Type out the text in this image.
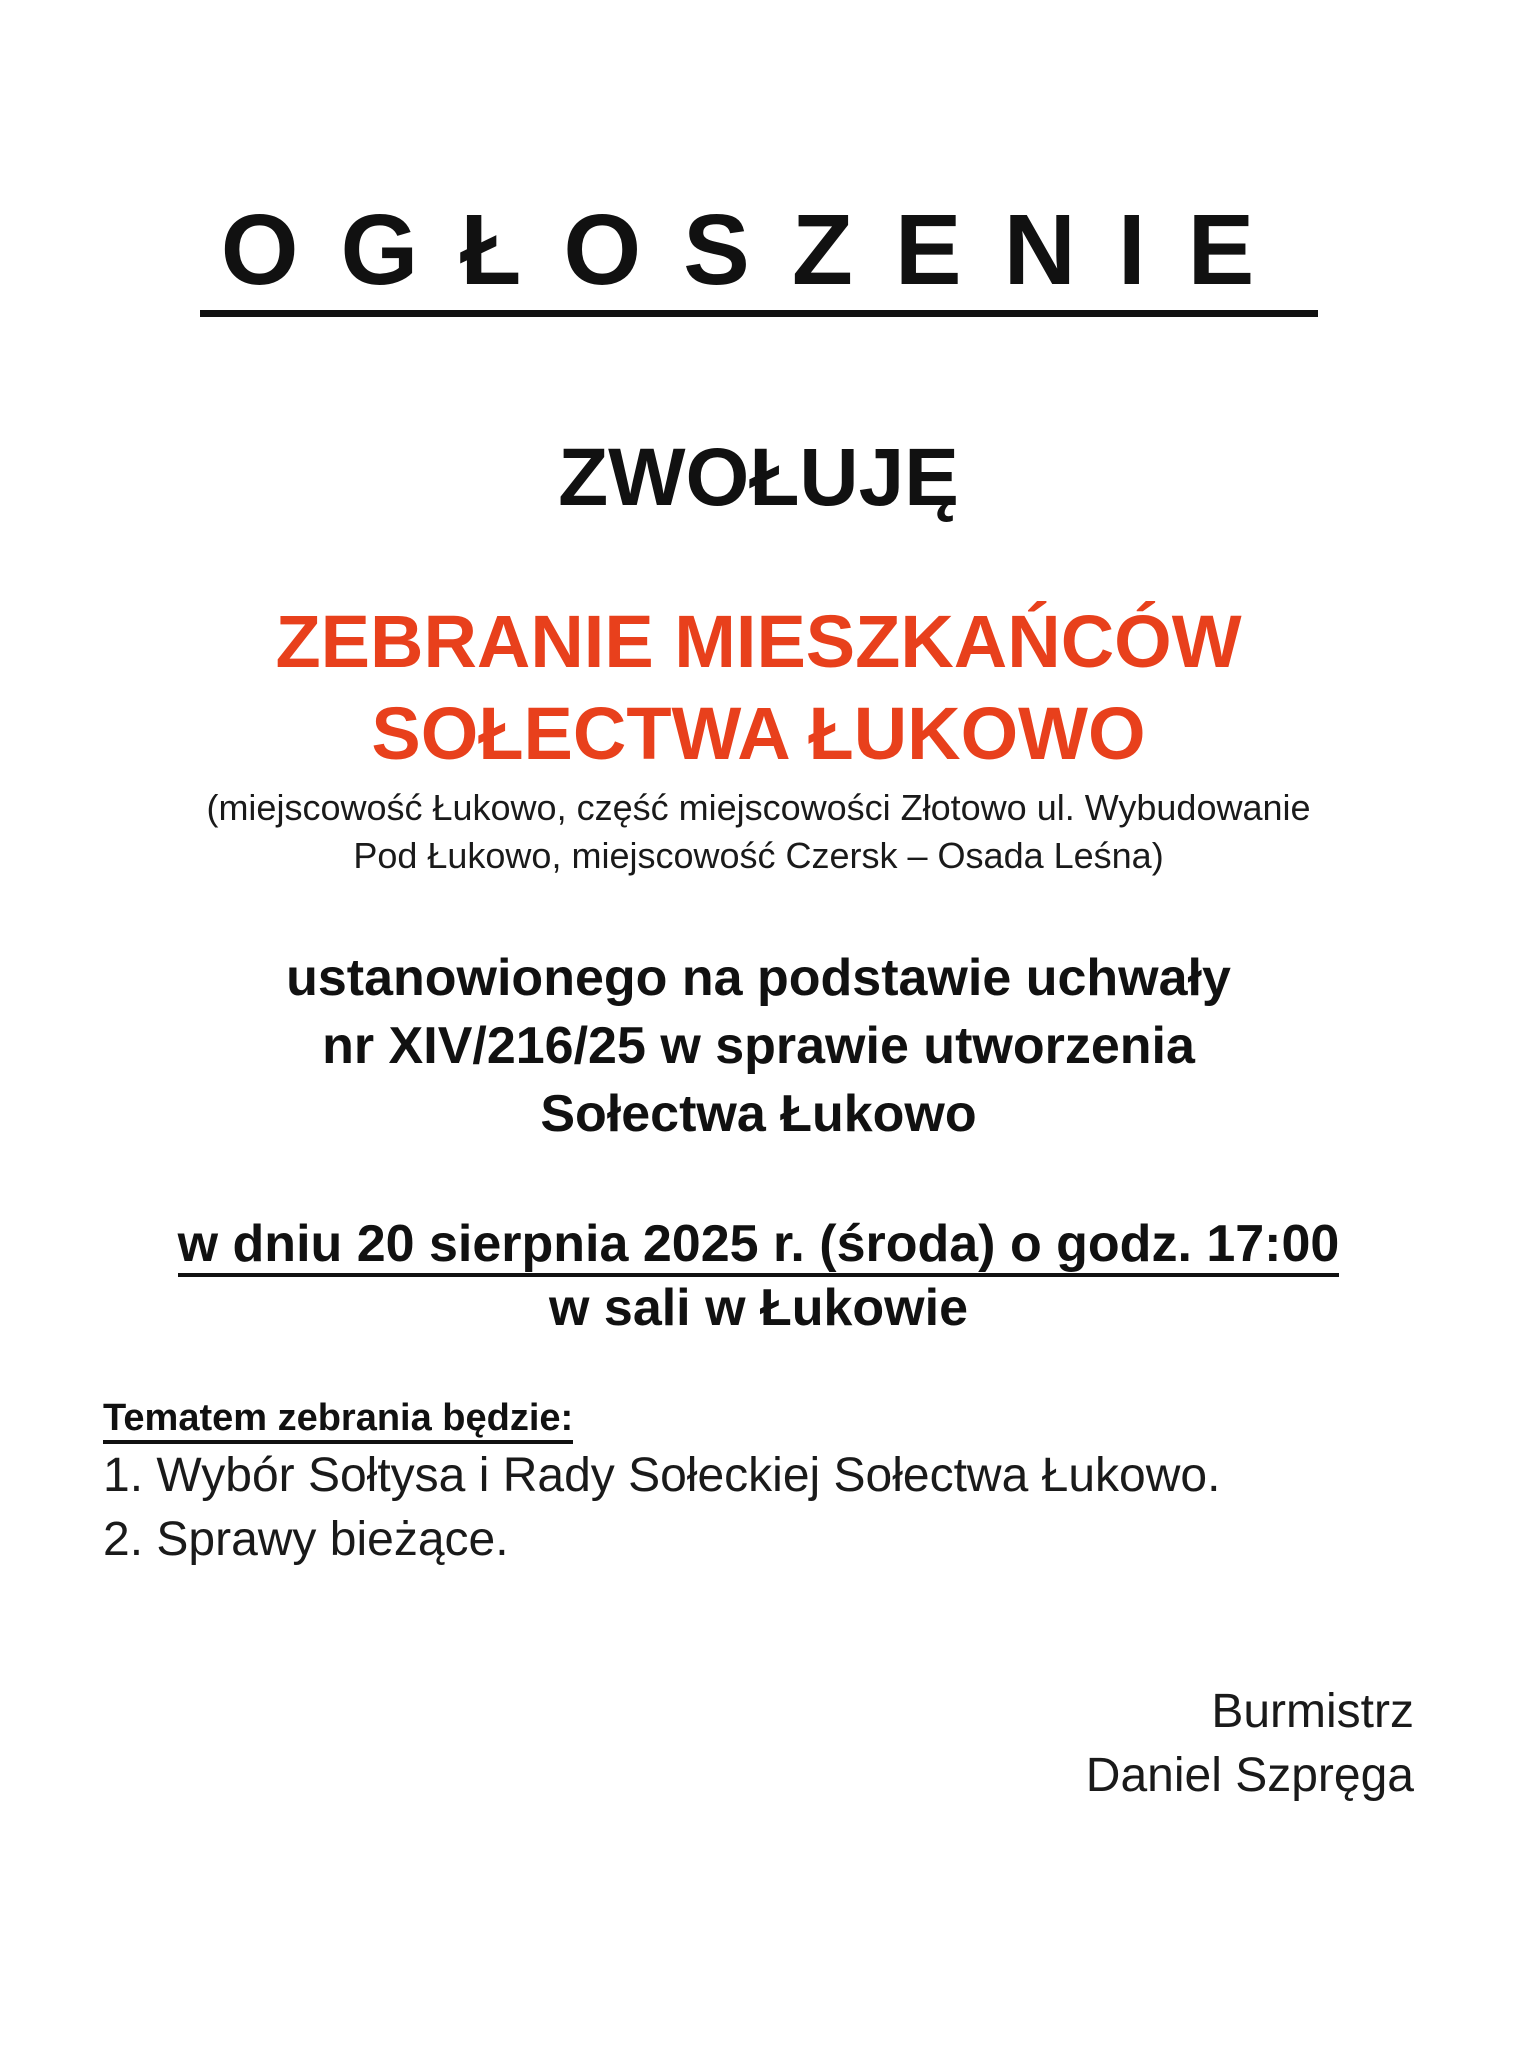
OGŁOSZENIE
ZWOŁUJĘ
ZEBRANIE MIESZKAŃCÓW
SOŁECTWA ŁUKOWO
(miejscowość Łukowo, część miejscowości Złotowo ul. Wybudowanie
Pod Łukowo, miejscowość Czersk – Osada Leśna)
ustanowionego na podstawie uchwały
nr XIV/216/25 w sprawie utworzenia
Sołectwa Łukowo
w dniu 20 sierpnia 2025 r. (środa) o godz. 17:00
w sali w Łukowie
Tematem zebrania będzie:
1. Wybór Sołtysa i Rady Sołeckiej Sołectwa Łukowo.
2. Sprawy bieżące.
Burmistrz
Daniel Szpręga
